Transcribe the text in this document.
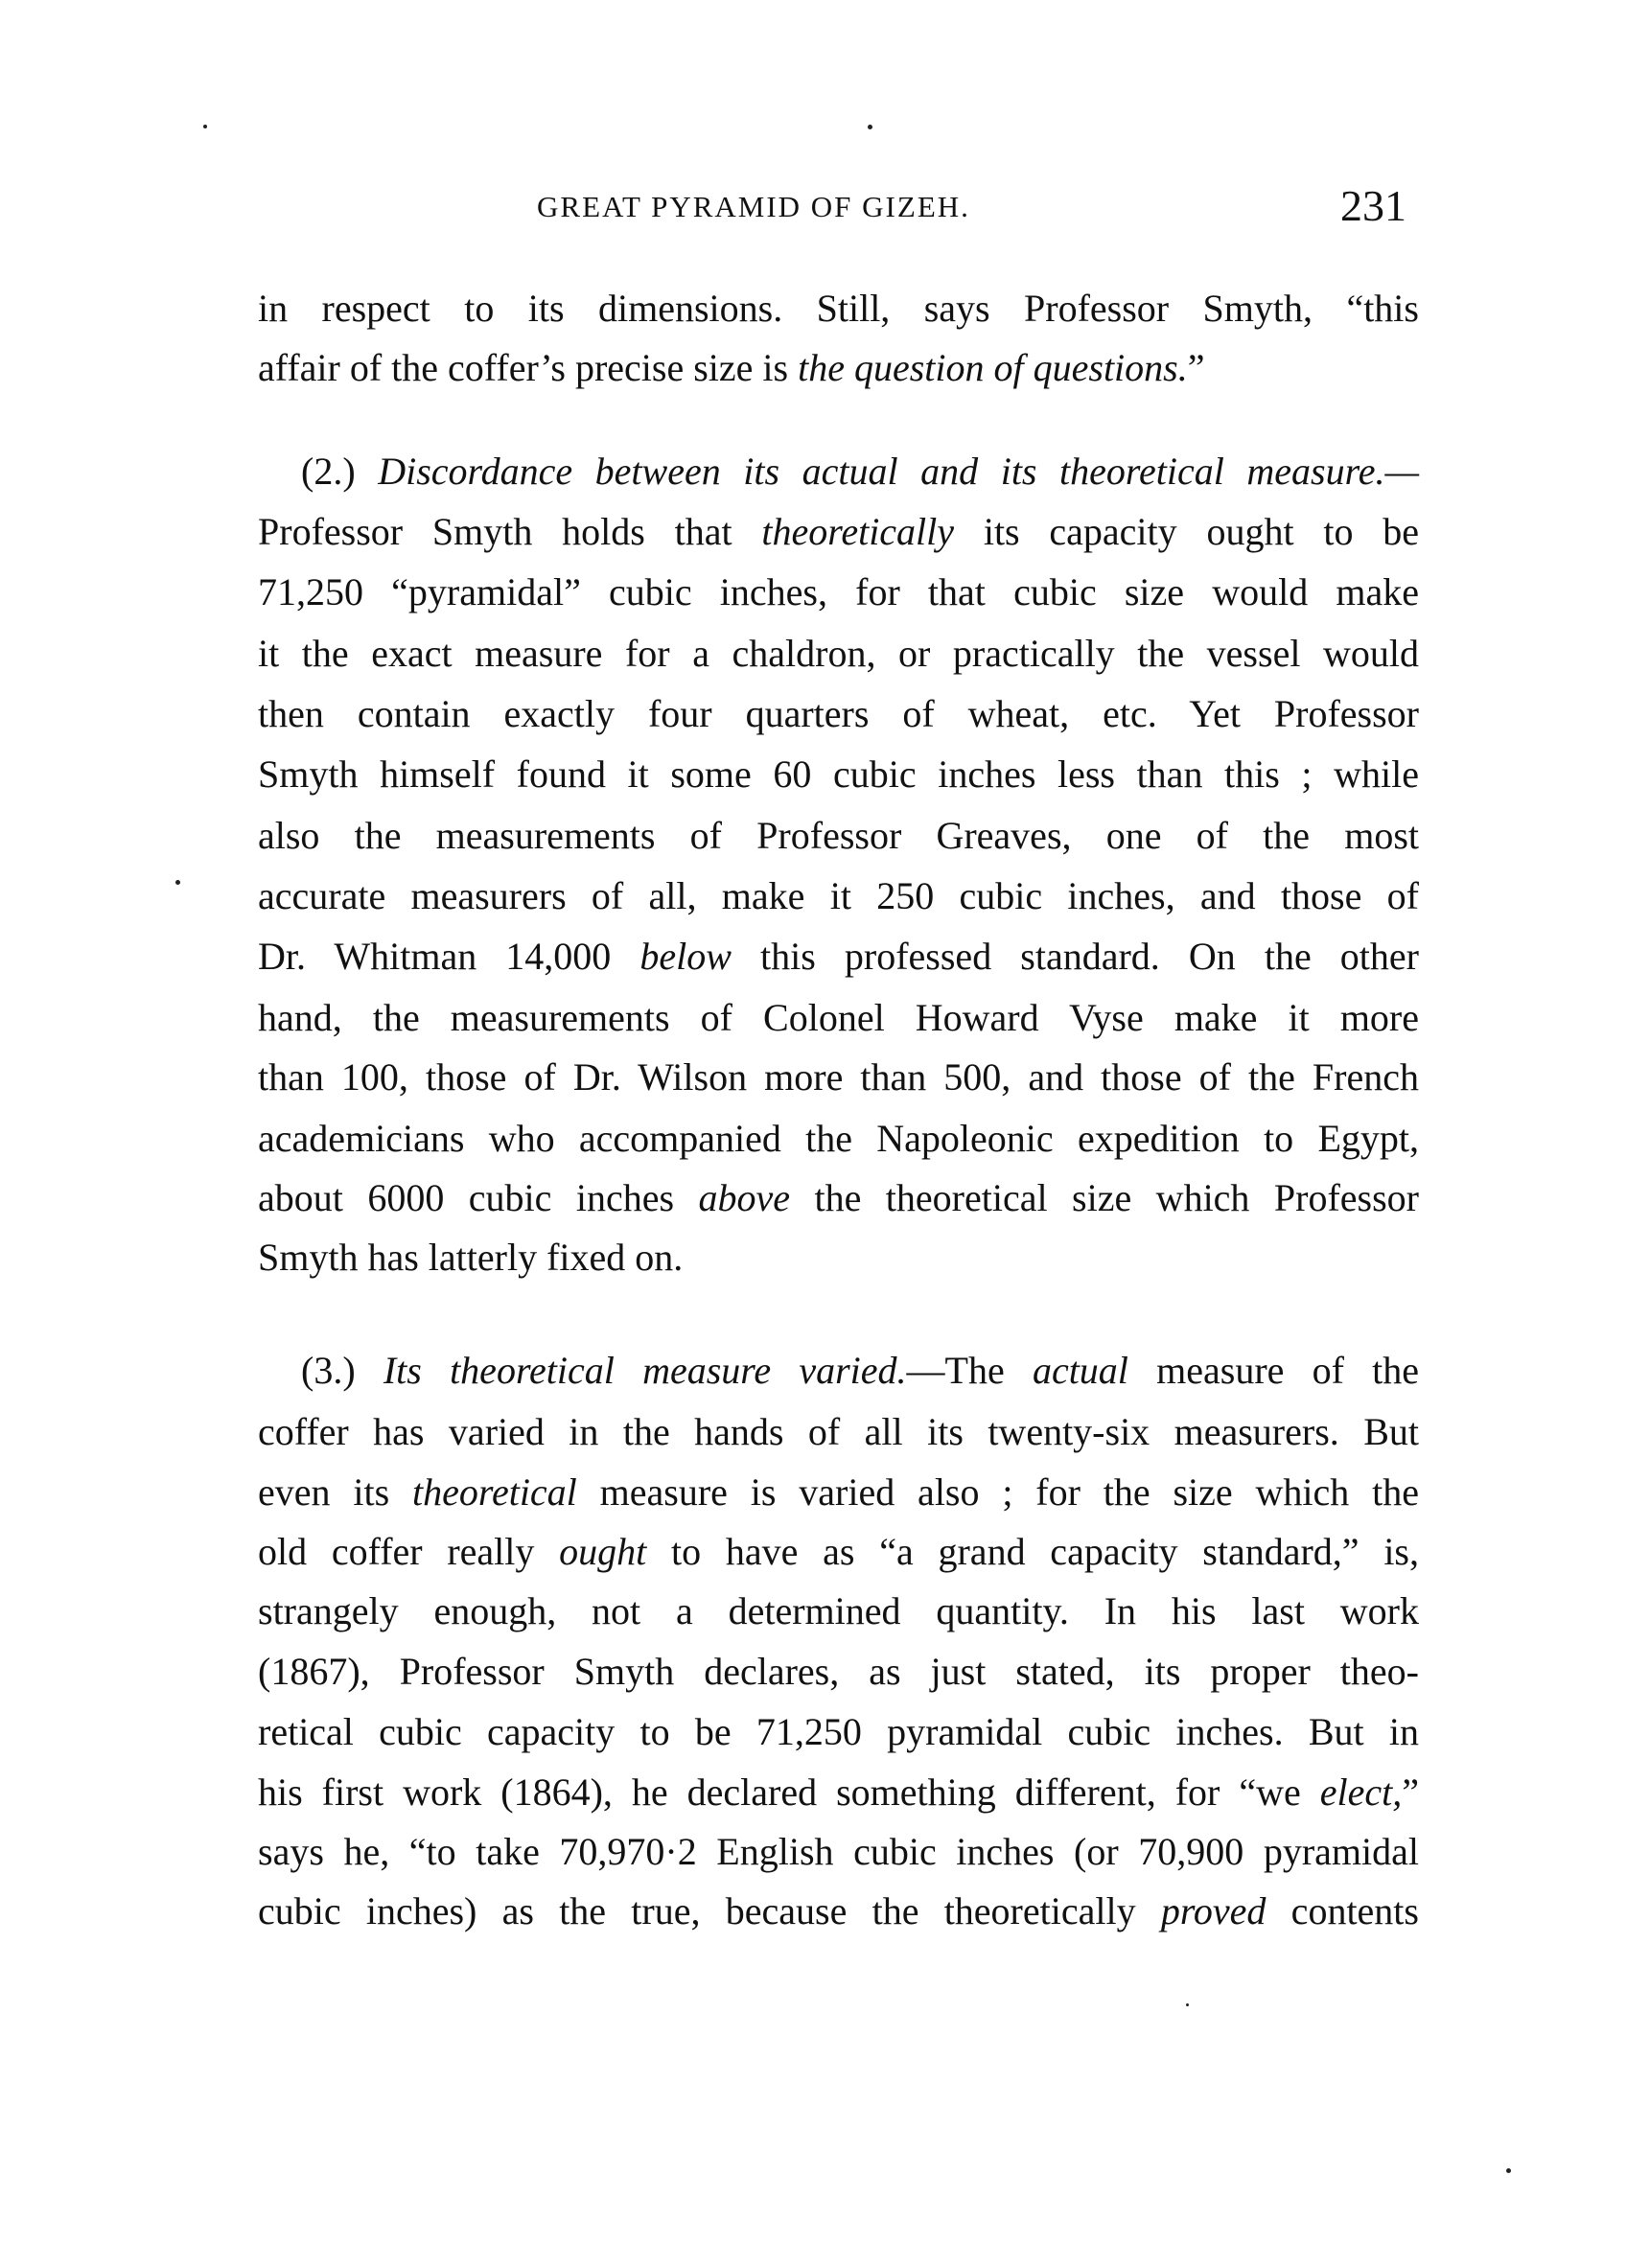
GREAT PYRAMID OF GIZEH.	231
in respect to its dimensions. Still, says Professor Smyth, “this
affair of the coffer’s precise size is the question of questions.”
(2.) Discordance between its actual and its theoretical measure.—
Professor Smyth holds that theoretically its capacity ought to be
71,250 “pyramidal” cubic inches, for that cubic size would make
it the exact measure for a chaldron, or practically the vessel would
then contain exactly four quarters of wheat, etc. Yet Professor
Smyth himself found it some 60 cubic inches less than this ; while
also the measurements of Professor Greaves, one of the most
accurate measurers of all, make it 250 cubic inches, and those of
Dr. Whitman 14,000 below this professed standard. On the other
hand, the measurements of Colonel Howard Vyse make it more
than 100, those of Dr. Wilson more than 500, and those of the French
academicians who accompanied the Napoleonic expedition to Egypt,
about 6000 cubic inches above the theoretical size which Professor
Smyth has latterly fixed on.
(3.) Its theoretical measure varied.—The actual measure of the
coffer has varied in the hands of all its twenty-six measurers. But
even its theoretical measure is varied also ; for the size which the
old coffer really ought to have as “a grand capacity standard,” is,
strangely enough, not a determined quantity. In his last work
(1867), Professor Smyth declares, as just stated, its proper theo-
retical cubic capacity to be 71,250 pyramidal cubic inches. But in
his first work (1864), he declared something different, for “we elect,”
says he, “to take 70,970·2 English cubic inches (or 70,900 pyramidal
cubic inches) as the true, because the theoretically proved contents
